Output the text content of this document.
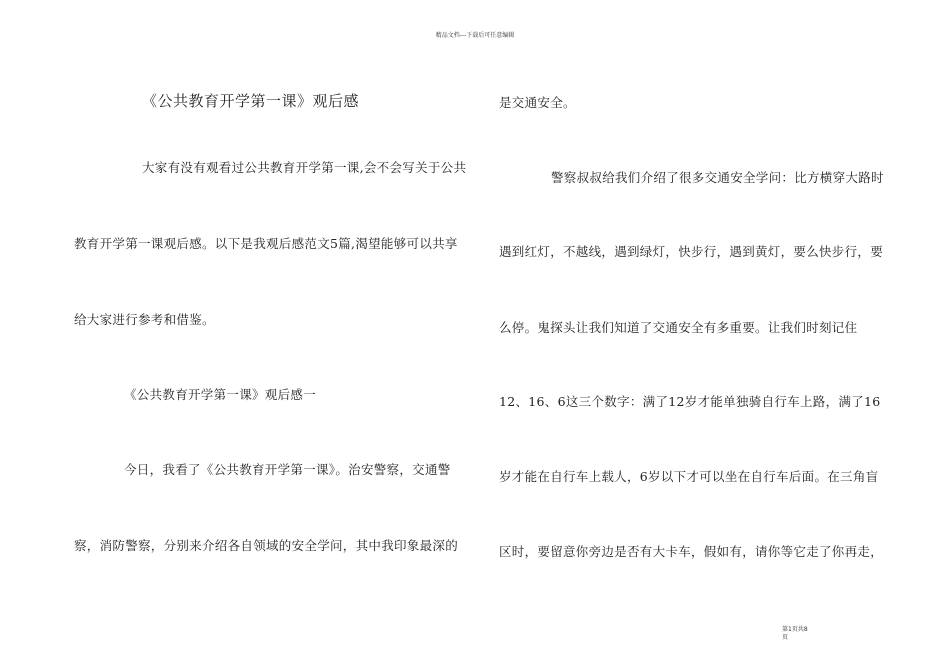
精品文档---下载后可任意编辑
《公共教育开学第一课》观后感
大家有没有观看过公共教育开学第一课,会不会写关于公共
教育开学第一课观后感。以下是我观后感范文5篇,渴望能够可以共享
给大家进行参考和借鉴。
《公共教育开学第一课》观后感一
今日，我看了《公共教育开学第一课》。治安警察，交通警
察，消防警察，分别来介绍各自领域的安全学问，其中我印象最深的
是交通安全。
警察叔叔给我们介绍了很多交通安全学问：比方横穿大路时
遇到红灯，不越线，遇到绿灯，快步行，遇到黄灯，要么快步行，要
么停。鬼探头让我们知道了交通安全有多重要。让我们时刻记住
12、16、6这三个数字：满了12岁才能单独骑自行车上路，满了16
岁才能在自行车上载人，6岁以下才可以坐在自行车后面。在三角盲
区时，要留意你旁边是否有大卡车，假如有，请你等它走了你再走，
第1页共8
页
